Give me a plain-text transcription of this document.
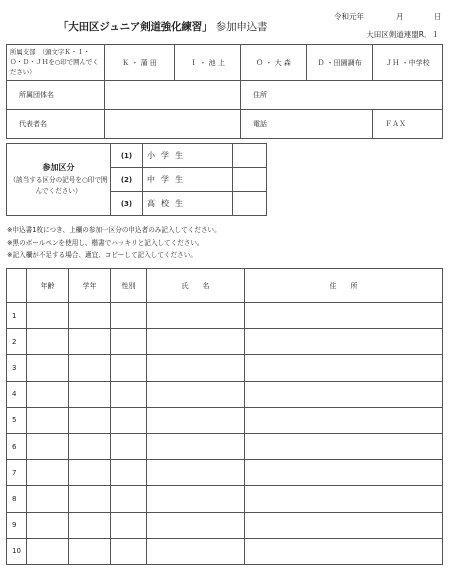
「大田区ジュニア剣道強化練習」 参加申込書
令和元年	月	日
大田区剣道連盟R．１
所属支部　（頭文字Ｋ・Ｉ・Ｏ・Ｄ・ＪＨを○印で囲んでください）	Ｋ ・ 蒲 田	Ｉ ・ 池 上	Ｏ ・ 大 森	Ｄ ・田園調布	ＪＨ ・中学校
所属団体名			住所		
代表者名			電話		ＦＡＸ
参加区分
（該当する区分の記号を○印で囲んでください）	(1)	小学生	
	(2)	中学生	
	(3)	高校生	
※申込書1枚につき、上欄の参加一区分の申込者のみ記入してください。
※黒のボールペンを使用し、楷書でハッキリと記入してください。
※記入欄が不足する場合、適宜、コピーして記入してください。
	年齢	学年	性別	氏　　名	住　　所
1					
2					
3					
4					
5					
6					
7					
8					
9					
10					
